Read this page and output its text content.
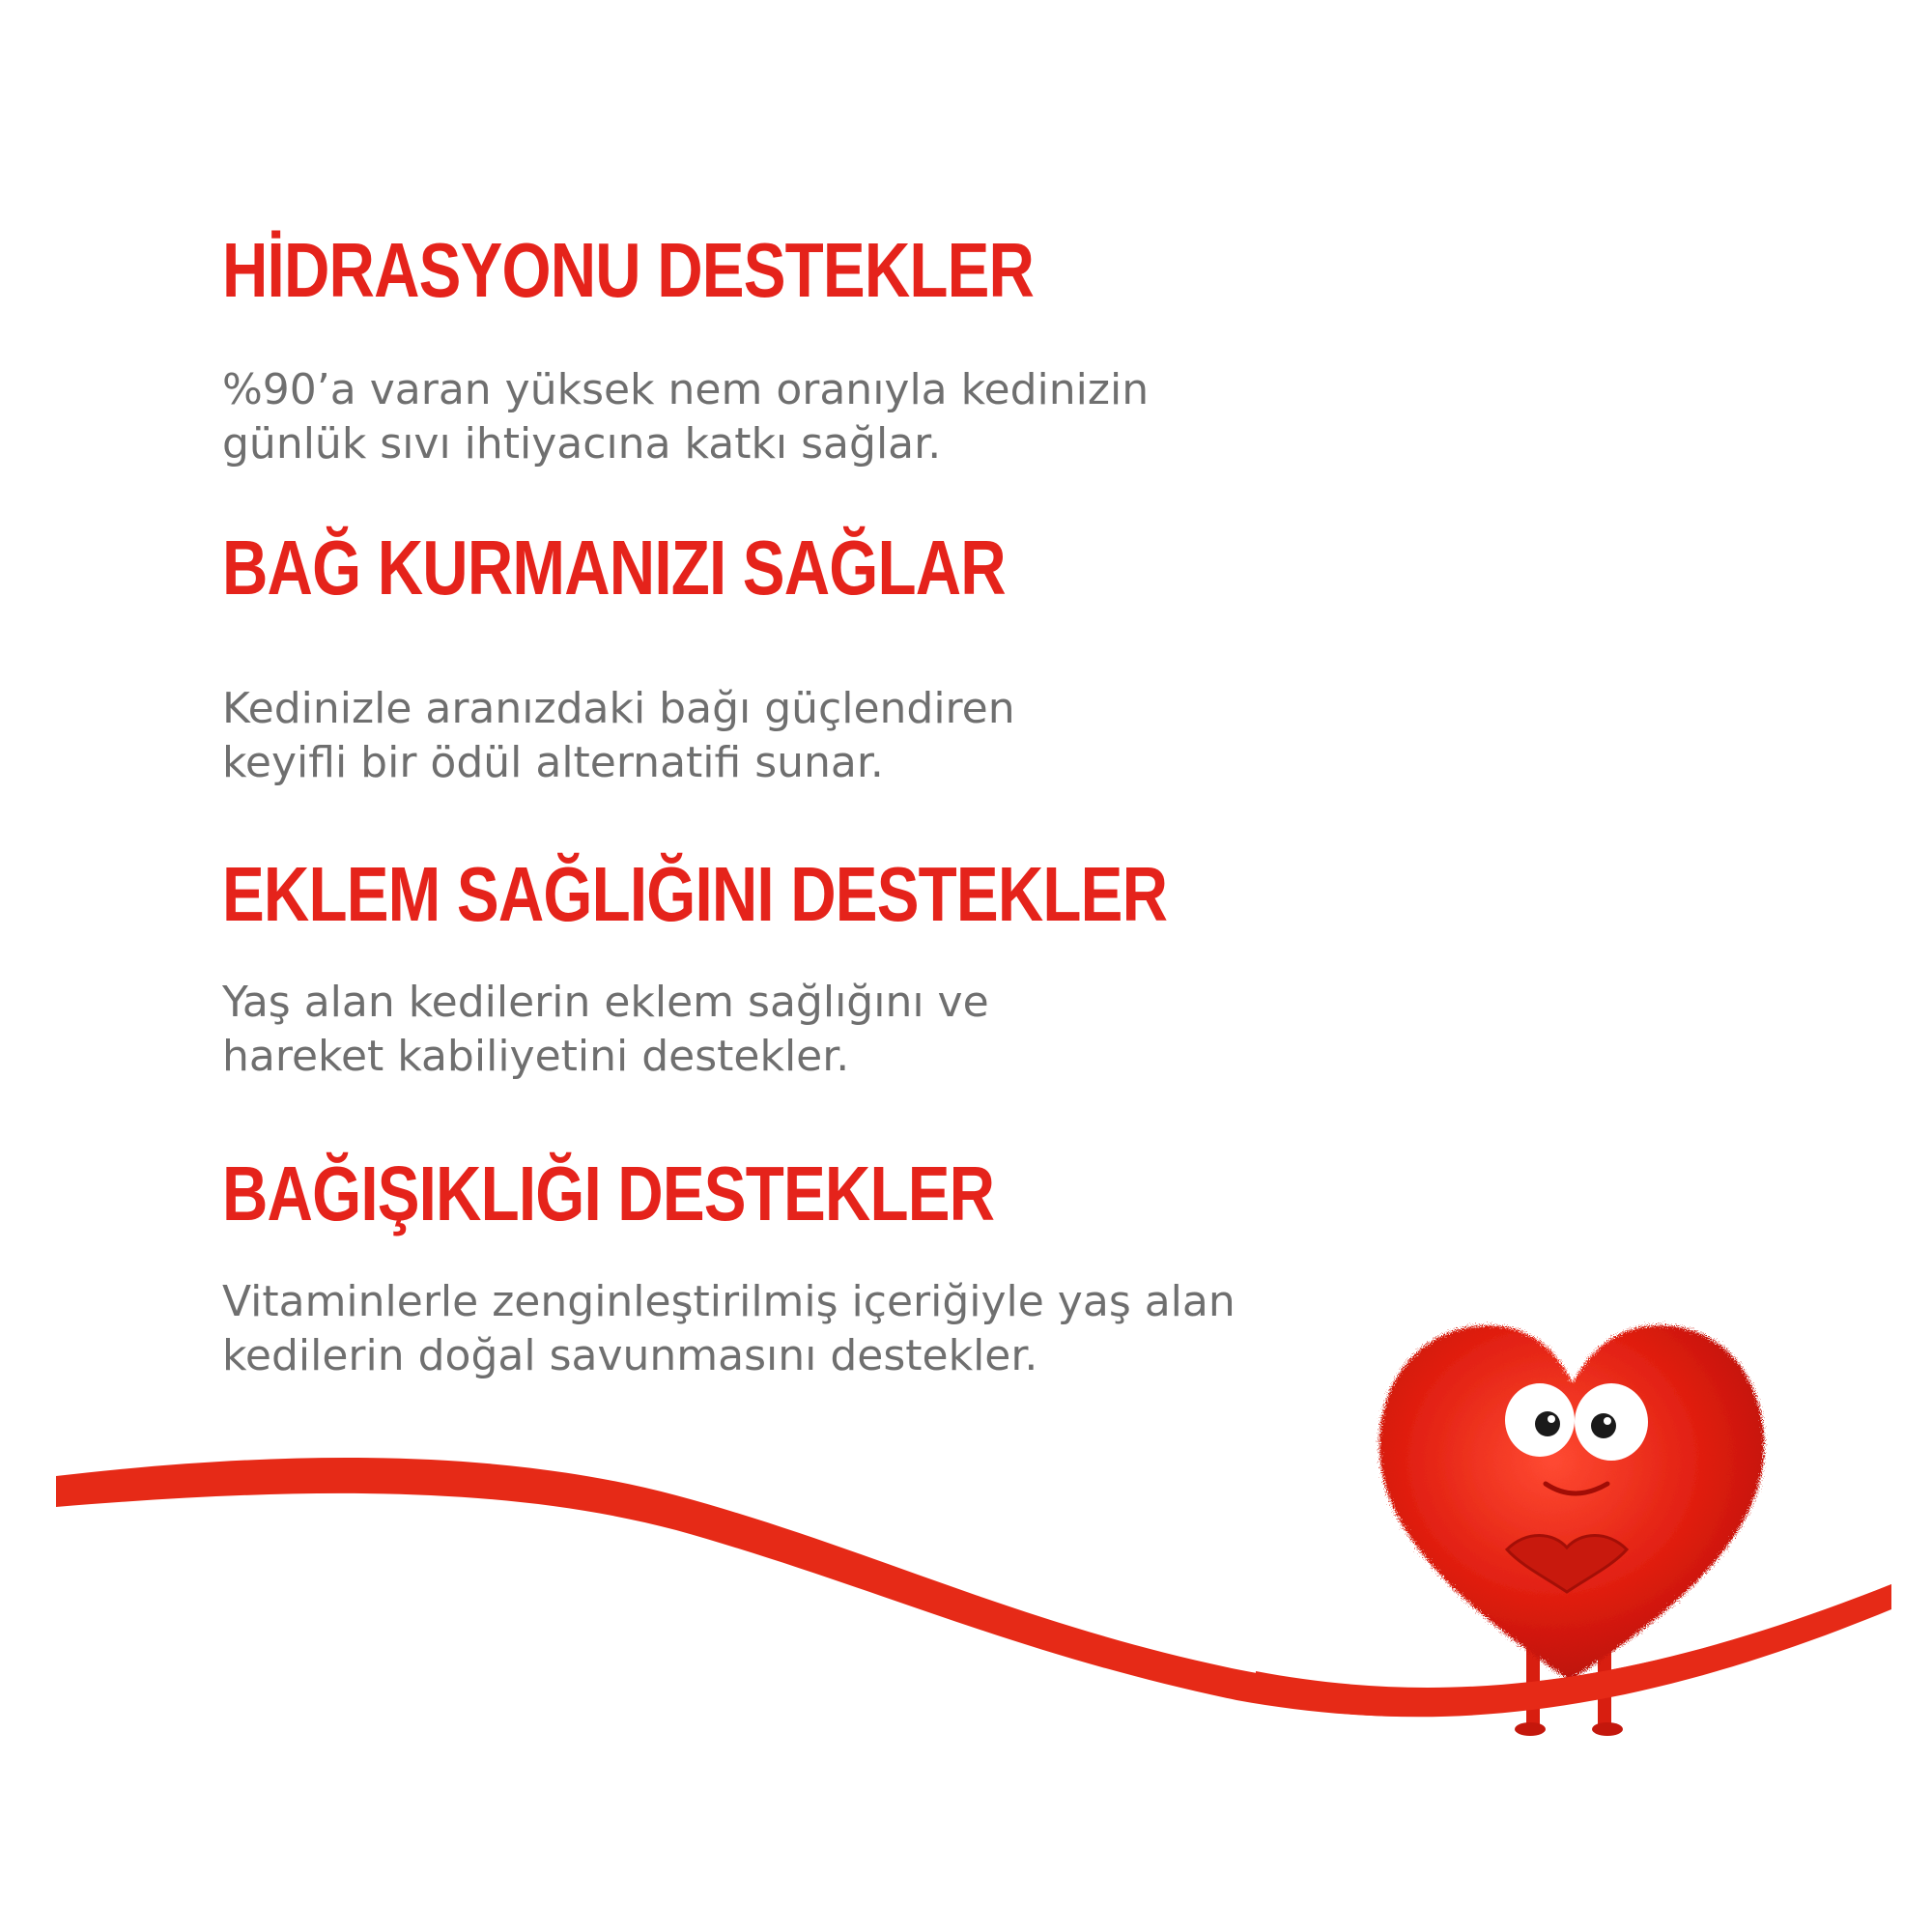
HİDRASYONU DESTEKLER

%90’a varan yüksek nem oranıyla kedinizin
günlük sıvı ihtiyacına katkı sağlar.

BAĞ KURMANIZI SAĞLAR

Kedinizle aranızdaki bağı güçlendiren
keyifli bir ödül alternatifi sunar.

EKLEM SAĞLIĞINI DESTEKLER

Yaş alan kedilerin eklem sağlığını ve
hareket kabiliyetini destekler.

BAĞIŞIKLIĞI DESTEKLER

Vitaminlerle zenginleştirilmiş içeriğiyle yaş alan
kedilerin doğal savunmasını destekler.
